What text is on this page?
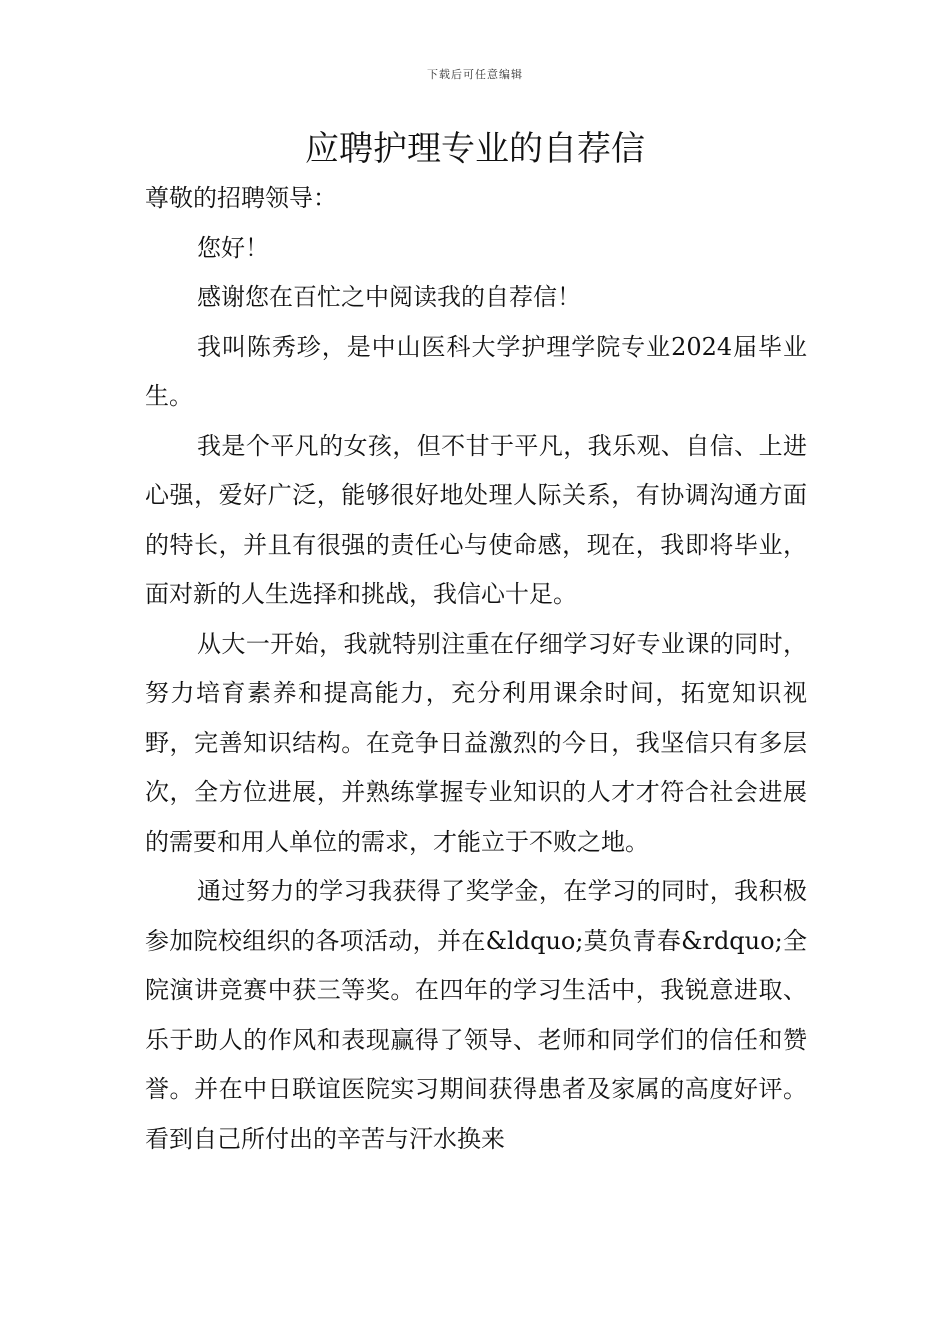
下载后可任意编辑
应聘护理专业的自荐信

尊敬的招聘领导：

您好！

感谢您在百忙之中阅读我的自荐信！

我叫陈秀珍，是中山医科大学护理学院专业2024届毕业生。

我是个平凡的女孩，但不甘于平凡，我乐观、自信、上进心强，爱好广泛，能够很好地处理人际关系，有协调沟通方面的特长，并且有很强的责任心与使命感，现在，我即将毕业，面对新的人生选择和挑战，我信心十足。

从大一开始，我就特别注重在仔细学习好专业课的同时，努力培育素养和提高能力，充分利用课余时间，拓宽知识视野，完善知识结构。在竞争日益激烈的今日，我坚信只有多层次，全方位进展，并熟练掌握专业知识的人才才符合社会进展的需要和用人单位的需求，才能立于不败之地。

通过努力的学习我获得了奖学金，在学习的同时，我积极参加院校组织的各项活动，并在&ldquo;莫负青春&rdquo;全院演讲竞赛中获三等奖。在四年的学习生活中，我锐意进取、乐于助人的作风和表现赢得了领导、老师和同学们的信任和赞誉。并在中日联谊医院实习期间获得患者及家属的高度好评。看到自己所付出的辛苦与汗水换来
